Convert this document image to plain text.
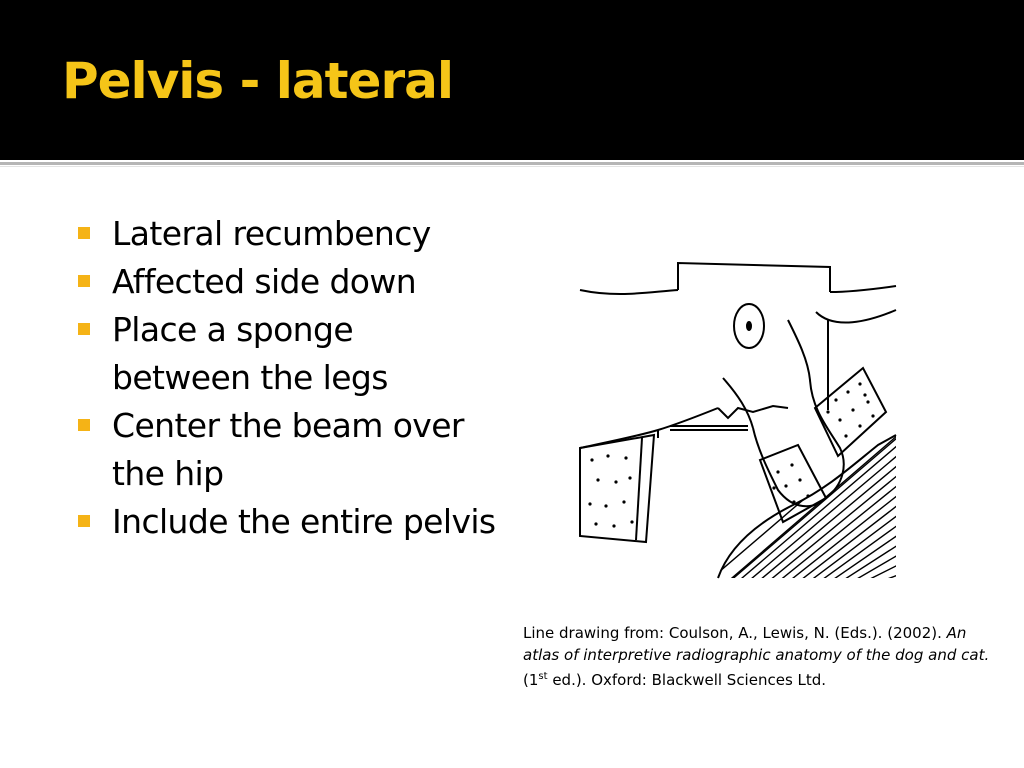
Pelvis - lateral
Lateral recumbency
Affected side down
Place a sponge between the legs
Center the beam over the hip
Include the entire pelvis
Line drawing from: Coulson, A., Lewis, N. (Eds.). (2002). An atlas of interpretive radiographic anatomy of the dog and cat. (1st ed.). Oxford: Blackwell Sciences Ltd.
